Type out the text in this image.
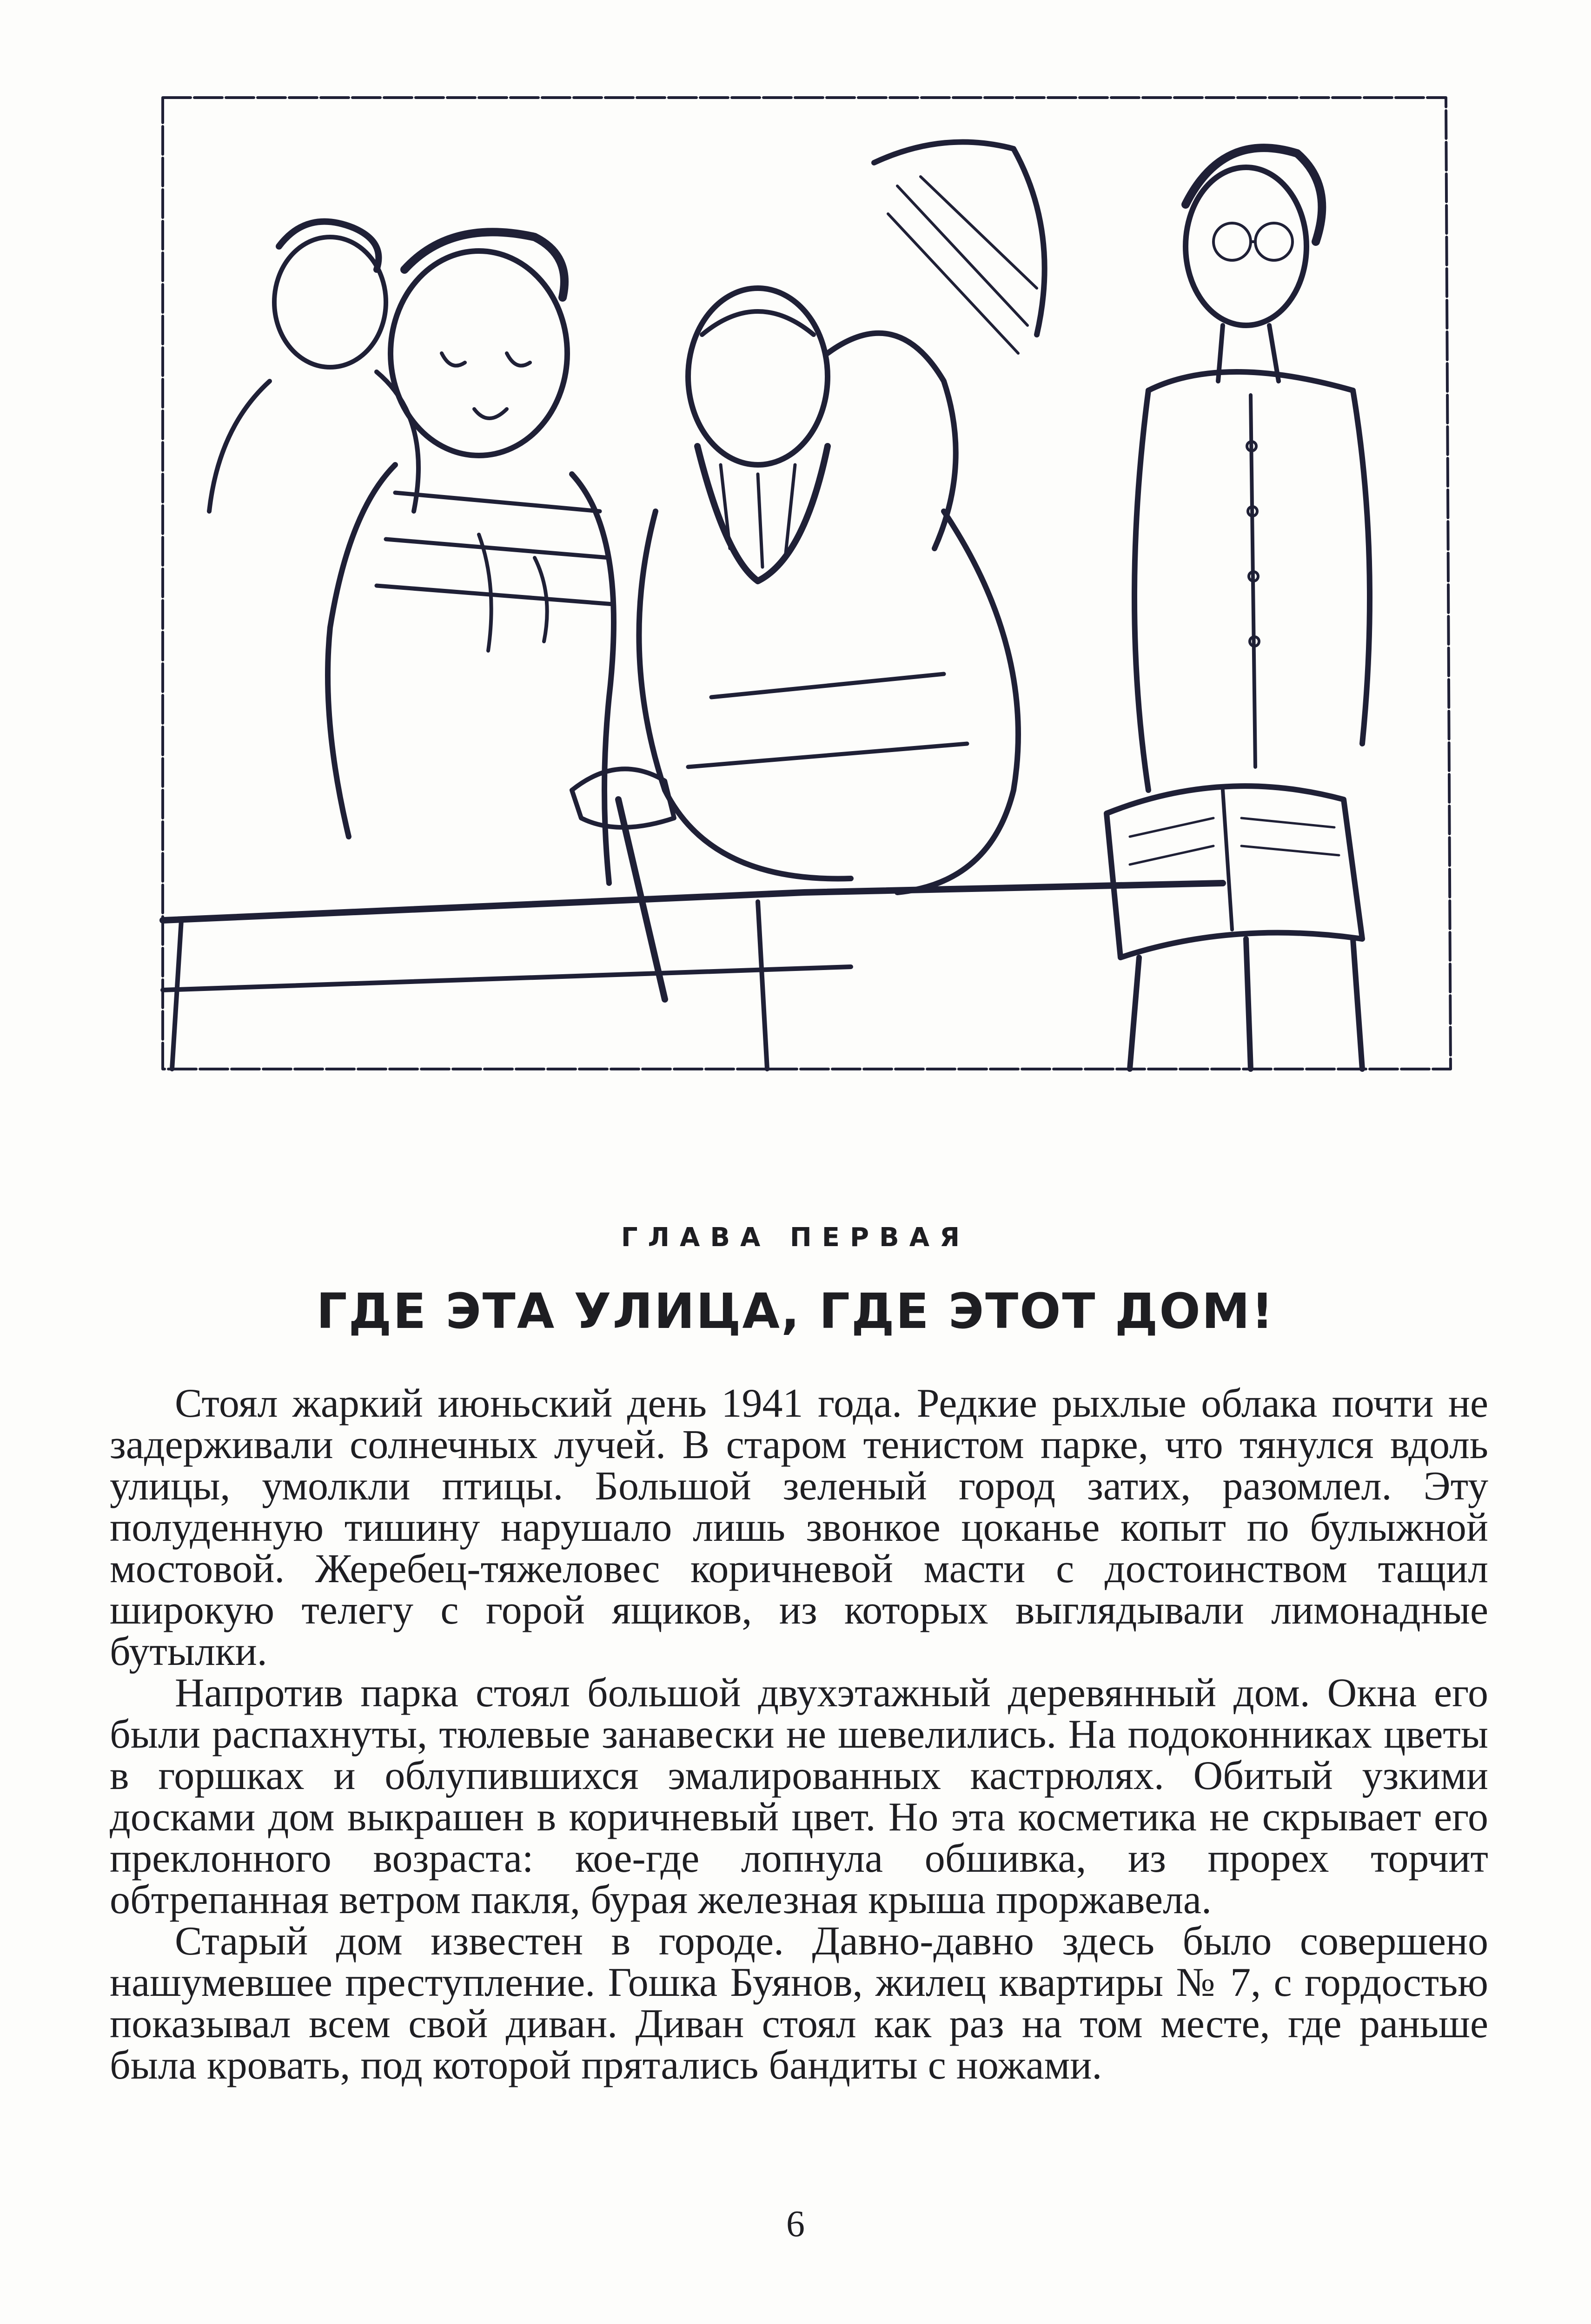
ГЛАВА ПЕРВАЯ
ГДЕ ЭТА УЛИЦА, ГДЕ ЭТОТ ДОМ!

Стоял жаркий июньский день 1941 года. Редкие рыхлые облака почти не задерживали солнечных лучей. В старом тенистом парке, что тянулся вдоль улицы, умолкли птицы. Большой зеленый город затих, разомлел. Эту полуденную тишину нарушало лишь звонкое цоканье копыт по булыжной мостовой. Жеребец-тяжеловес коричневой масти с достоинством тащил широкую телегу с горой ящиков, из которых выглядывали лимонадные бутылки.

Напротив парка стоял большой двухэтажный деревянный дом. Окна его были распахнуты, тюлевые занавески не шевелились. На подоконниках цветы в горшках и облупившихся эмалированных кастрюлях. Обитый узкими досками дом выкрашен в коричневый цвет. Но эта косметика не скрывает его преклонного возраста: кое-где лопнула обшивка, из прорех торчит обтрепанная ветром пакля, бурая железная крыша проржавела.

Старый дом известен в городе. Давно-давно здесь было совершено нашумевшее преступление. Гошка Буянов, жилец квартиры № 7, с гордостью показывал всем свой диван. Диван стоял как раз на том месте, где раньше была кровать, под которой прятались бандиты с ножами.

6
